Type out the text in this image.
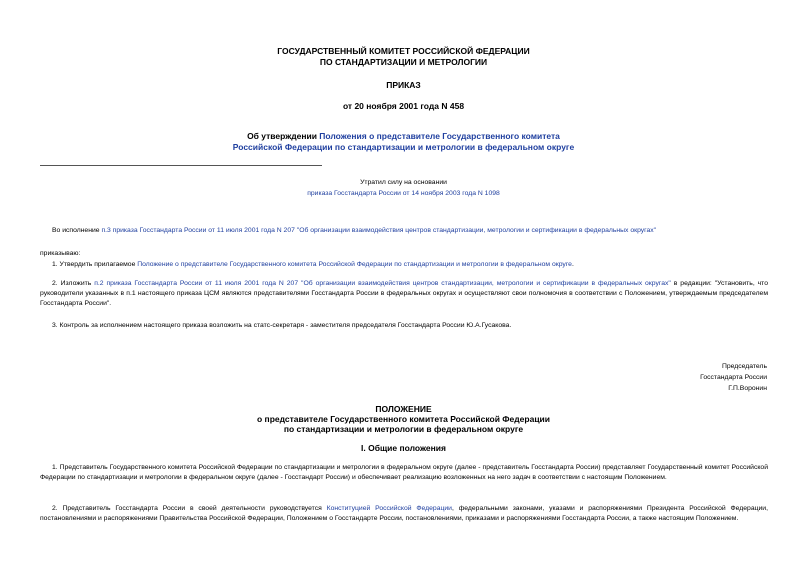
ГОСУДАРСТВЕННЫЙ КОМИТЕТ РОССИЙСКОЙ ФЕДЕРАЦИИ
ПО СТАНДАРТИЗАЦИИ И МЕТРОЛОГИИ
ПРИКАЗ
от 20 ноября 2001 года N 458
Об утверждении Положения о представителе Государственного комитета
Российской Федерации по стандартизации и метрологии в федеральном округе
Утратил силу на основании
приказа Госстандарта России от 14 ноября 2003 года N 1098
Во исполнение п.3 приказа Госстандарта России от 11 июля 2001 года N 207 "Об организации взаимодействия центров стандартизации, метрологии и сертификации в федеральных округах"
приказываю:
1. Утвердить прилагаемое Положение о представителе Государственного комитета Российской Федерации по стандартизации и метрологии в федеральном округе.
2. Изложить п.2 приказа Госстандарта России от 11 июля 2001 года N 207 "Об организации взаимодействия центров стандартизации, метрологии и сертификации в федеральных округах" в редакции: "Установить, что руководители указанных в п.1 настоящего приказа ЦСМ являются представителями Госстандарта России в федеральных округах и осуществляют свои полномочия в соответствии с Положением, утверждаемым председателем Госстандарта России".
3. Контроль за исполнением настоящего приказа возложить на статс-секретаря - заместителя председателя Госстандарта России Ю.А.Гусакова.
Председатель
Госстандарта России
Г.П.Воронин
ПОЛОЖЕНИЕ
о представителе Государственного комитета Российской Федерации
по стандартизации и метрологии в федеральном округе
I. Общие положения
1. Представитель Государственного комитета Российской Федерации по стандартизации и метрологии в федеральном округе (далее - представитель Госстандарта России) представляет Государственный комитет Российской Федерации по стандартизации и метрологии в федеральном округе (далее - Госстандарт России) и обеспечивает реализацию возложенных на него задач в соответствии с настоящим Положением.
2. Представитель Госстандарта России в своей деятельности руководствуется Конституцией Российской Федерации, федеральными законами, указами и распоряжениями Президента Российской Федерации, постановлениями и распоряжениями Правительства Российской Федерации, Положением о Госстандарте России, постановлениями, приказами и распоряжениями Госстандарта России, а также настоящим Положением.
